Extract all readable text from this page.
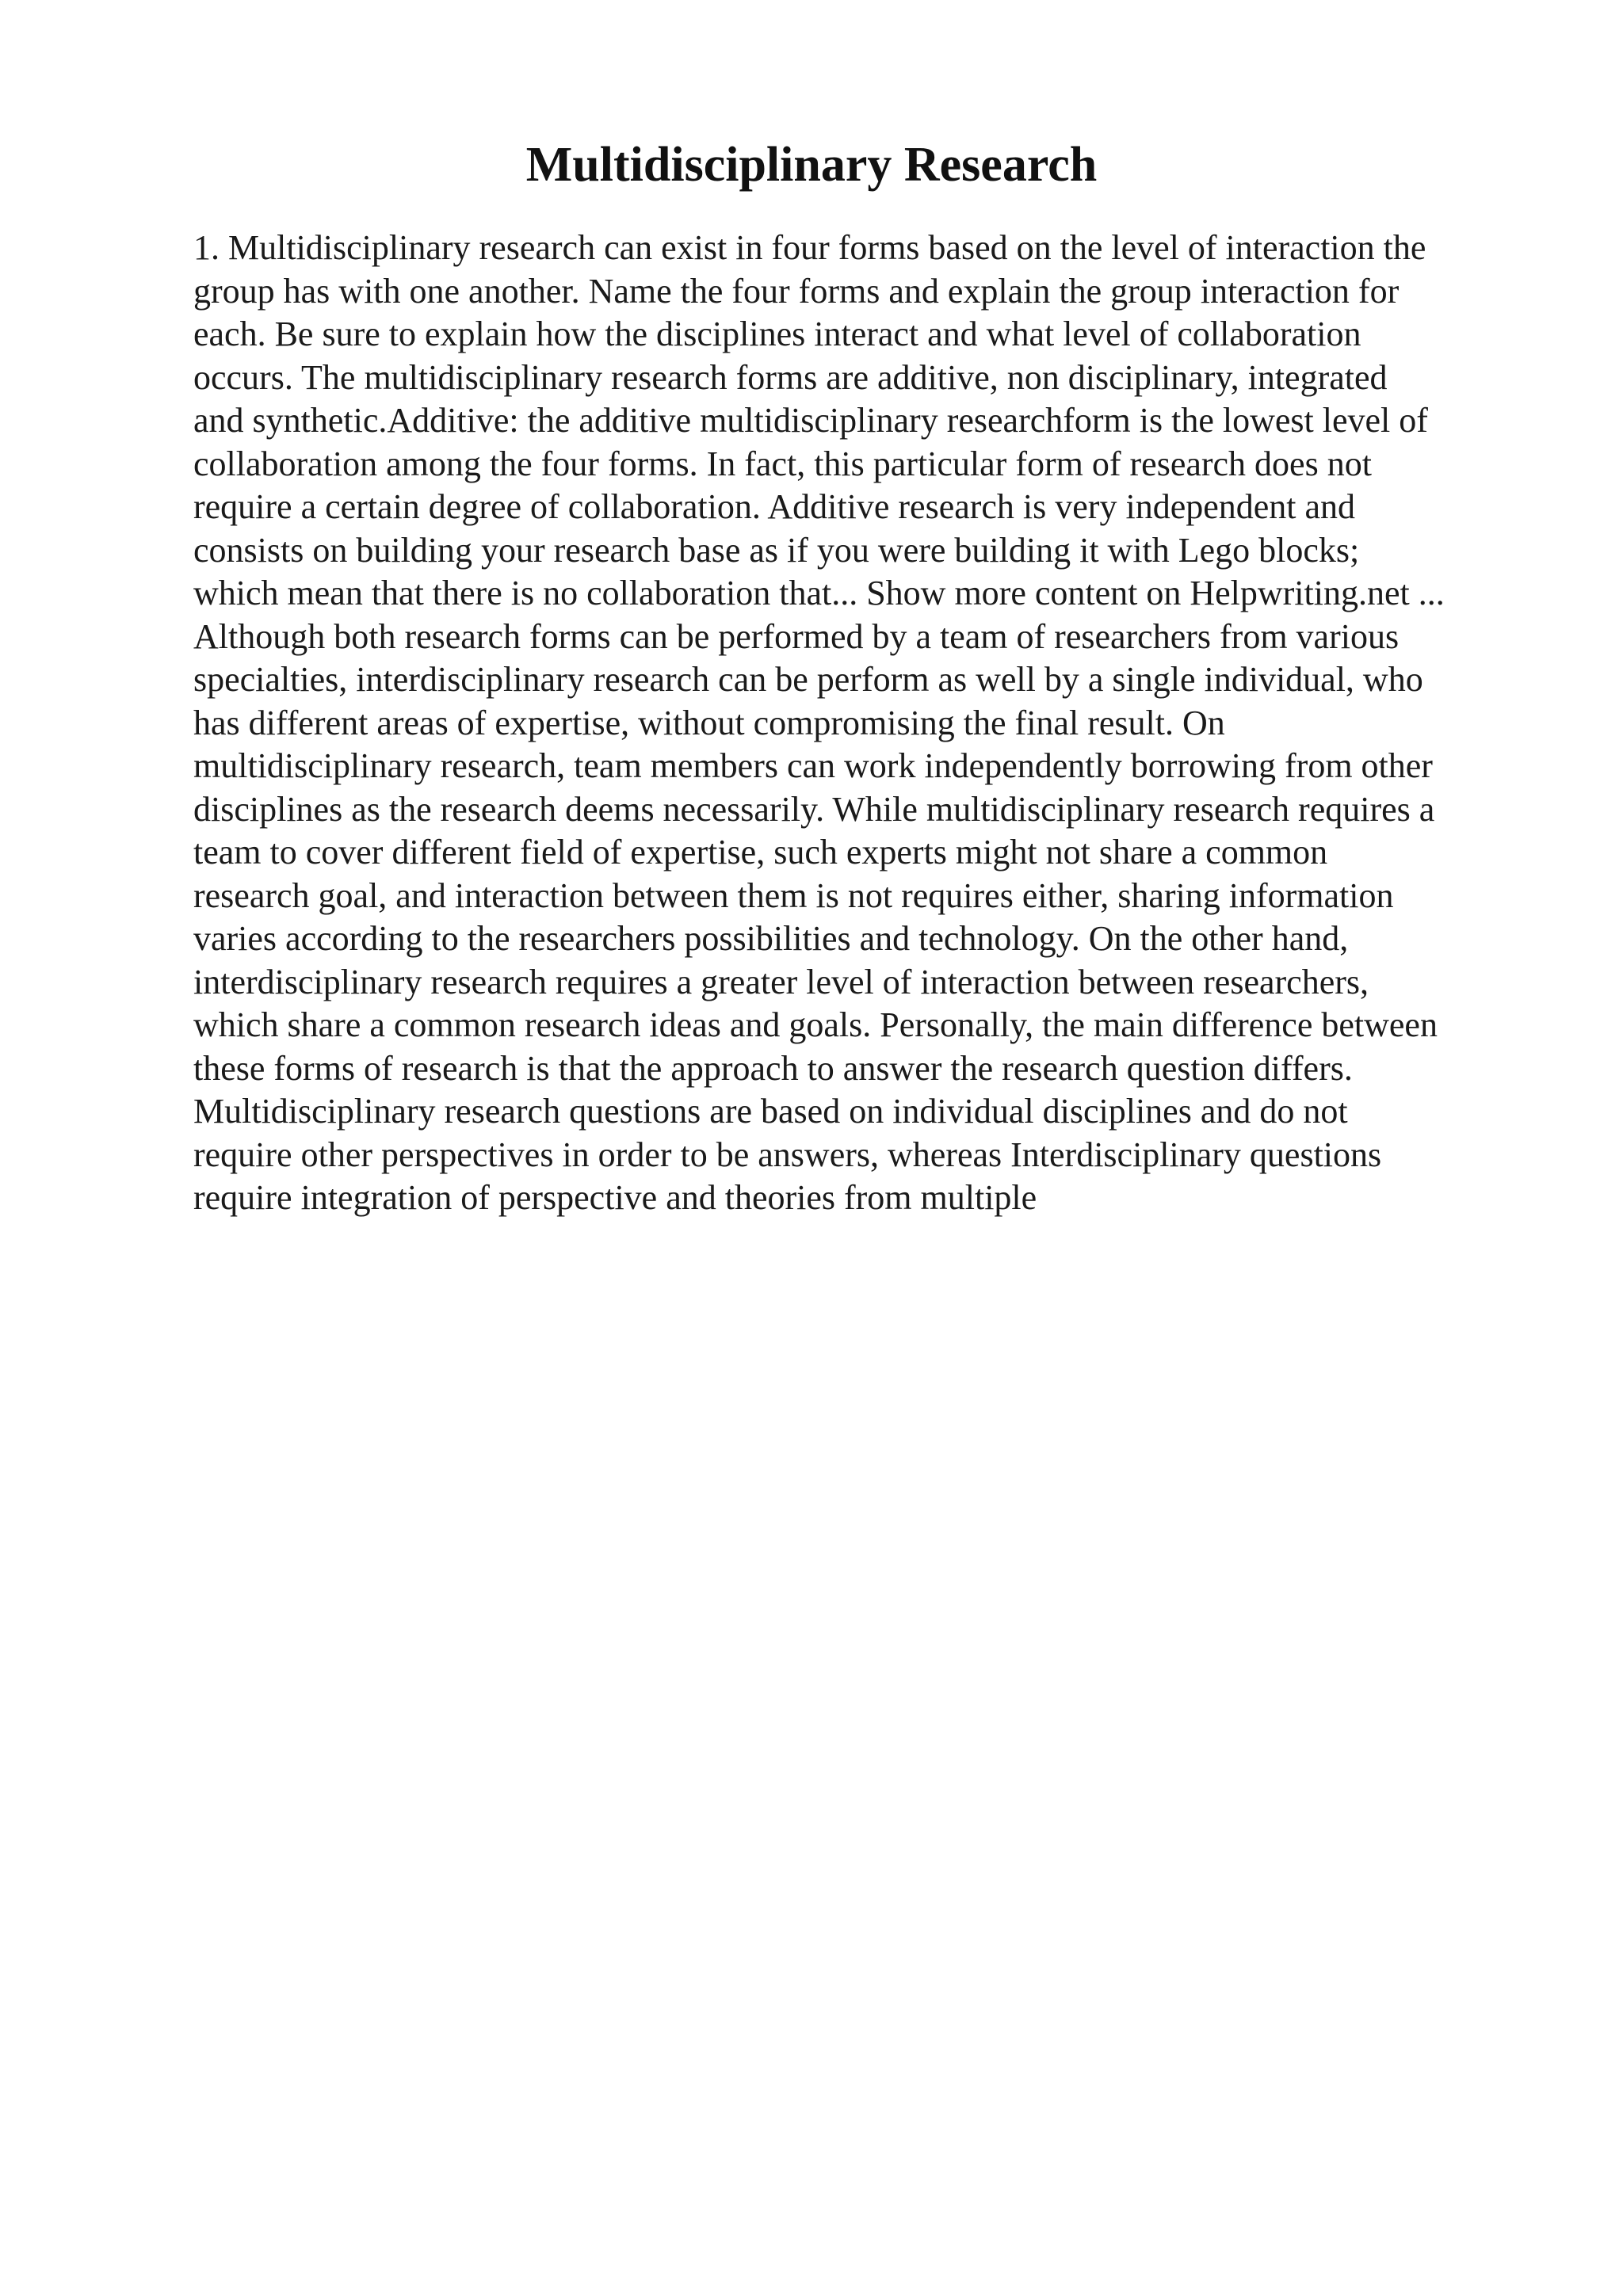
Multidisciplinary Research
1. Multidisciplinary research can exist in four forms based on the level of interaction the
group has with one another. Name the four forms and explain the group interaction for
each. Be sure to explain how the disciplines interact and what level of collaboration
occurs. The multidisciplinary research forms are additive, non disciplinary, integrated
and synthetic.Additive: the additive multidisciplinary researchform is the lowest level of
collaboration among the four forms. In fact, this particular form of research does not
require a certain degree of collaboration. Additive research is very independent and
consists on building your research base as if you were building it with Lego blocks;
which mean that there is no collaboration that... Show more content on Helpwriting.net ...
Although both research forms can be performed by a team of researchers from various
specialties, interdisciplinary research can be perform as well by a single individual, who
has different areas of expertise, without compromising the final result. On
multidisciplinary research, team members can work independently borrowing from other
disciplines as the research deems necessarily. While multidisciplinary research requires a
team to cover different field of expertise, such experts might not share a common
research goal, and interaction between them is not requires either, sharing information
varies according to the researchers possibilities and technology. On the other hand,
interdisciplinary research requires a greater level of interaction between researchers,
which share a common research ideas and goals. Personally, the main difference between
these forms of research is that the approach to answer the research question differs.
Multidisciplinary research questions are based on individual disciplines and do not
require other perspectives in order to be answers, whereas Interdisciplinary questions
require integration of perspective and theories from multiple
